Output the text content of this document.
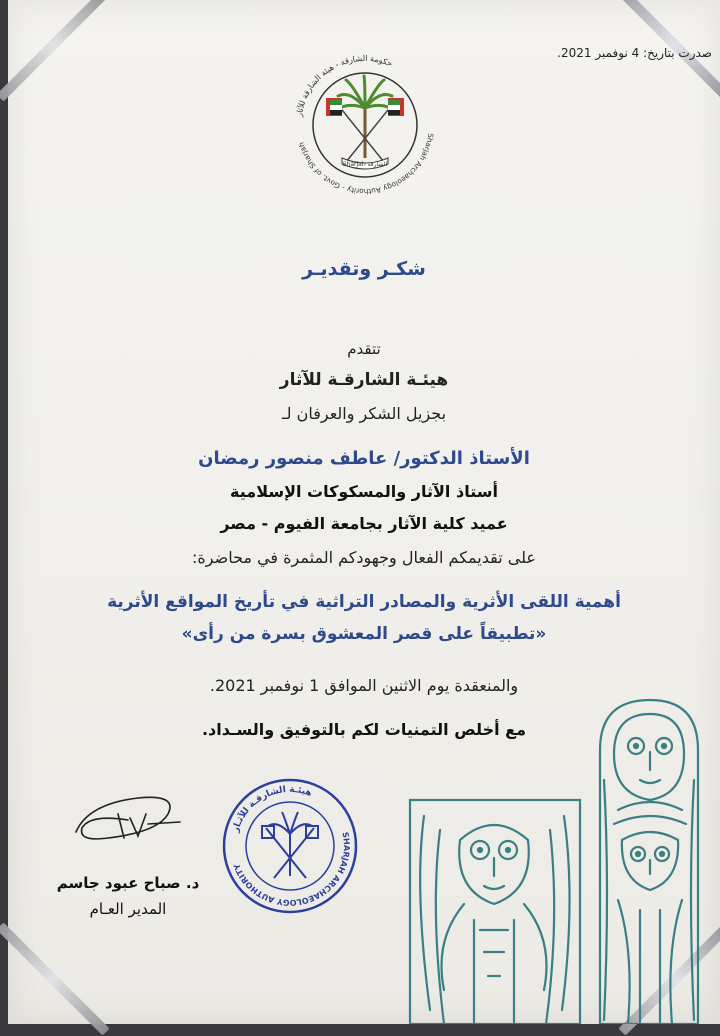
صدرت بتاريخ: 4 نوفمبر 2021.
حكومة الشارقة - هيئة الشارقة للآثار
Sharjah Archaeology Authority - Govt. of Sharjah
Sharjah الشارقة
شكـر وتقديـر
تتقدم
هيئـة الشارقـة للآثار
بجزيل الشكر والعرفان لـ
الأستاذ الدكتور/ عاطف منصور رمضان
أستاذ الآثار والمسكوكات الإسلامية
عميد كلية الآثار بجامعة الفيوم - مصر
على تقديمكم الفعال وجهودكم المثمرة في محاضرة:
أهمية اللقى الأثرية والمصادر التراثية في تأريخ المواقع الأثرية
«تطبيقاً على قصر المعشوق بسرة من رأى»
والمنعقدة يوم الاثنين الموافق 1 نوفمبر 2021.
مع أخلص التمنيات لكم بالتوفيق والسـداد.
هيئـة الشارقـة للآثـار
SHARJAH ARCHAEOLOGY AUTHORITY
د. صباح عبود جاسم
المدير العـام
